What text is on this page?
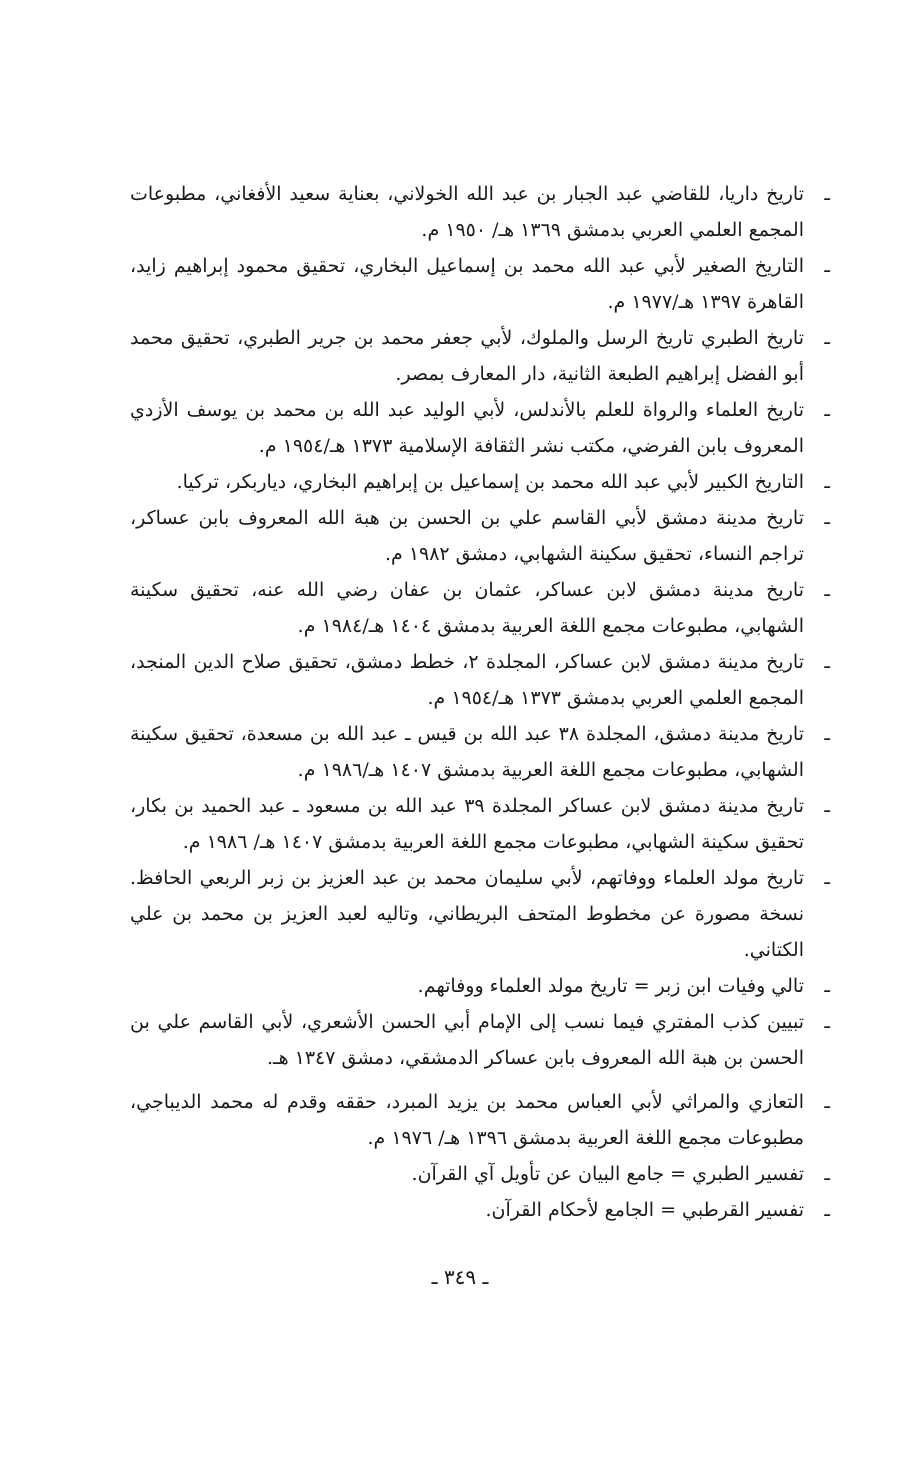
ـ
تاريخ داريا، للقاضي عبد الجبار بن عبد الله الخولاني، بعناية سعيد الأفغاني، مطبوعات المجمع العلمي العربي بدمشق ١٣٦٩ هـ/ ١٩٥٠ م.
ـ
التاريخ الصغير لأبي عبد الله محمد بن إسماعيل البخاري، تحقيق محمود إبراهيم زايد، القاهرة ١٣٩٧ هـ/١٩٧٧ م.
ـ
تاريخ الطبري تاريخ الرسل والملوك، لأبي جعفر محمد بن جرير الطبري، تحقيق محمد أبو الفضل إبراهيم الطبعة الثانية، دار المعارف بمصر.
ـ
تاريخ العلماء والرواة للعلم بالأندلس، لأبي الوليد عبد الله بن محمد بن يوسف الأزدي المعروف بابن الفرضي، مكتب نشر الثقافة الإسلامية ١٣٧٣ هـ/١٩٥٤ م.
ـ
التاريخ الكبير لأبي عبد الله محمد بن إسماعيل بن إبراهيم البخاري، دياربكر، تركيا.
ـ
تاريخ مدينة دمشق لأبي القاسم علي بن الحسن بن هبة الله المعروف بابن عساكر، تراجم النساء، تحقيق سكينة الشهابي، دمشق ١٩٨٢ م.
ـ
تاريخ مدينة دمشق لابن عساكر، عثمان بن عفان رضي الله عنه، تحقيق سكينة الشهابي، مطبوعات مجمع اللغة العربية بدمشق ١٤٠٤ هـ/١٩٨٤ م.
ـ
تاريخ مدينة دمشق لابن عساكر، المجلدة ٢، خطط دمشق، تحقيق صلاح الدين المنجد، المجمع العلمي العربي بدمشق ١٣٧٣ هـ/١٩٥٤ م.
ـ
تاريخ مدينة دمشق، المجلدة ٣٨ عبد الله بن قيس ـ عبد الله بن مسعدة، تحقيق سكينة الشهابي، مطبوعات مجمع اللغة العربية بدمشق ١٤٠٧ هـ/١٩٨٦ م.
ـ
تاريخ مدينة دمشق لابن عساكر المجلدة ٣٩ عبد الله بن مسعود ـ عبد الحميد بن بكار، تحقيق سكينة الشهابي، مطبوعات مجمع اللغة العربية بدمشق ١٤٠٧ هـ/ ١٩٨٦ م.
ـ
تاريخ مولد العلماء ووفاتهم، لأبي سليمان محمد بن عبد العزيز بن زبر الربعي الحافظ. نسخة مصورة عن مخطوط المتحف البريطاني، وتاليه لعبد العزيز بن محمد بن علي الكتاني.
ـ
تالي وفيات ابن زبر = تاريخ مولد العلماء ووفاتهم.
ـ
تبيين كذب المفتري فيما نسب إلى الإمام أبي الحسن الأشعري، لأبي القاسم علي بن الحسن بن هبة الله المعروف بابن عساكر الدمشقي، دمشق ١٣٤٧ هـ.
ـ
التعازي والمراثي لأبي العباس محمد بن يزيد المبرد، حققه وقدم له محمد الديباجي، مطبوعات مجمع اللغة العربية بدمشق ١٣٩٦ هـ/ ١٩٧٦ م.
ـ
تفسير الطبري = جامع البيان عن تأويل آي القرآن.
ـ
تفسير القرطبي = الجامع لأحكام القرآن.
ـ ٣٤٩ ـ
